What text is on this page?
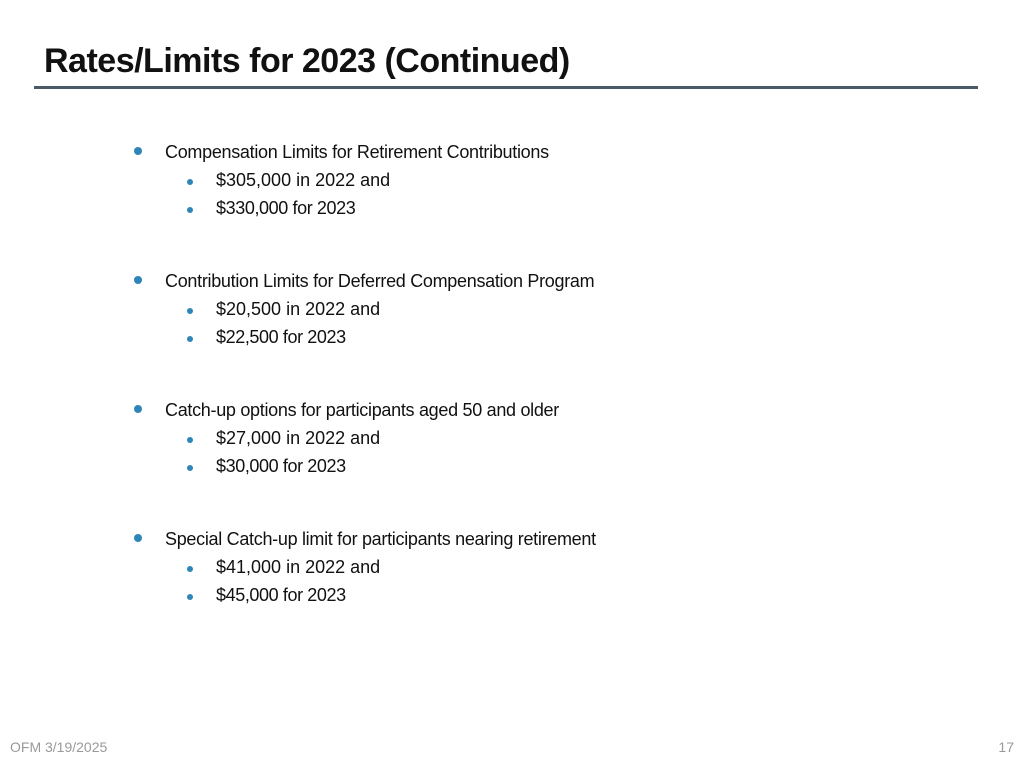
Rates/Limits for 2023 (Continued)
Compensation Limits for Retirement Contributions
$305,000 in 2022 and
$330,000 for 2023
Contribution Limits for Deferred Compensation Program
$20,500 in 2022 and
$22,500 for 2023
Catch-up options for participants aged 50 and older
$27,000 in 2022 and
$30,000 for 2023
Special Catch-up limit for participants nearing retirement
$41,000 in 2022 and
$45,000 for 2023
OFM 3/19/2025	17
